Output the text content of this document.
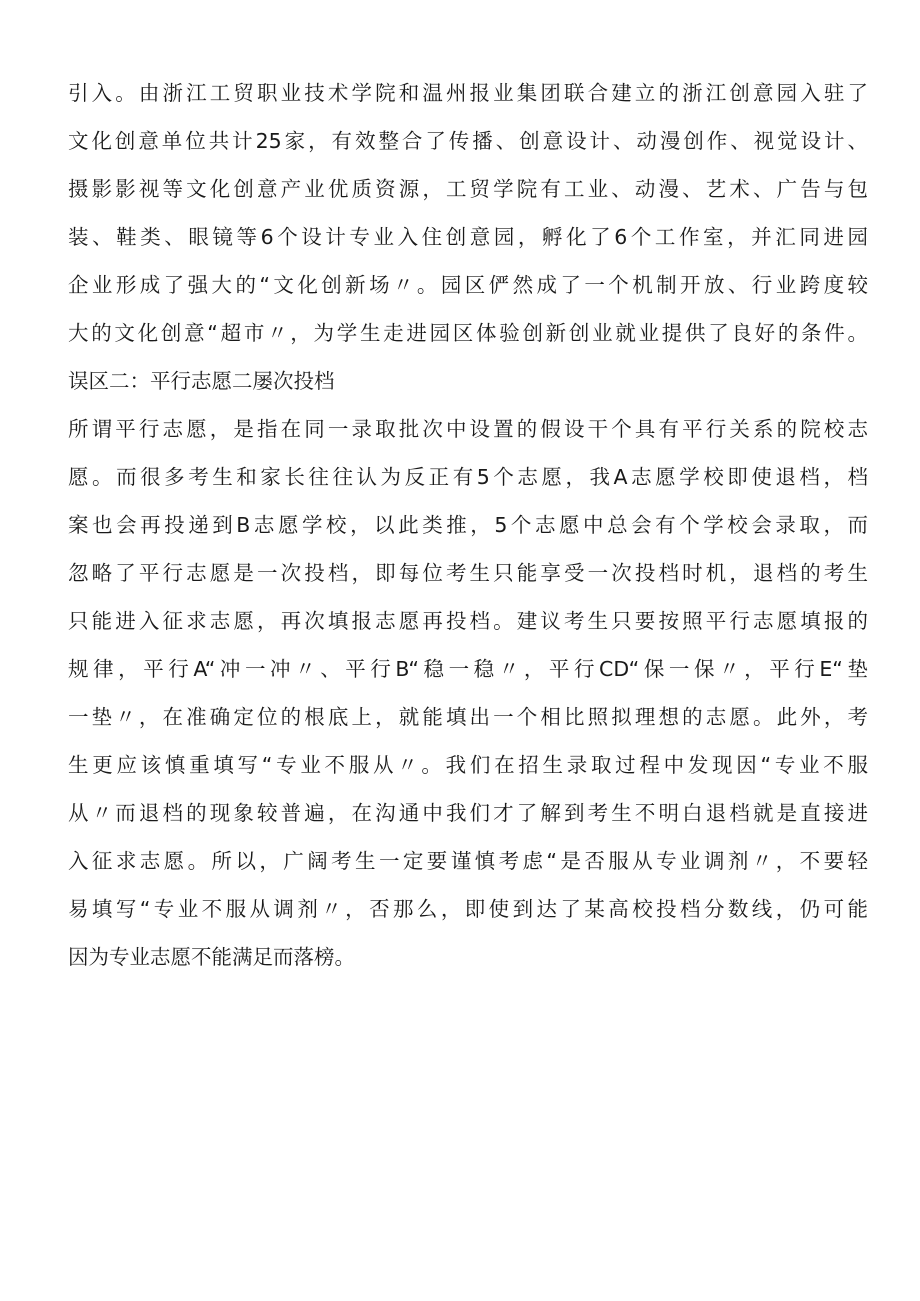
引入。由浙江工贸职业技术学院和温州报业集团联合建立的浙江创意园入驻了
文化创意单位共计25家，有效整合了传播、创意设计、动漫创作、视觉设计、
摄影影视等文化创意产业优质资源，工贸学院有工业、动漫、艺术、广告与包
装、鞋类、眼镜等6个设计专业入住创意园，孵化了6个工作室，并汇同进园
企业形成了强大的“文化创新场〃。园区俨然成了一个机制开放、行业跨度较
大的文化创意“超市〃，为学生走进园区体验创新创业就业提供了良好的条件。
误区二：平行志愿二屡次投档
所谓平行志愿，是指在同一录取批次中设置的假设干个具有平行关系的院校志
愿。而很多考生和家长往往认为反正有5个志愿，我A志愿学校即使退档，档
案也会再投递到B志愿学校，以此类推，5个志愿中总会有个学校会录取，而
忽略了平行志愿是一次投档，即每位考生只能享受一次投档时机，退档的考生
只能进入征求志愿，再次填报志愿再投档。建议考生只要按照平行志愿填报的
规律，平行A“冲一冲〃、平行B“稳一稳〃，平行CD“保一保〃，平行E“垫
一垫〃，在准确定位的根底上，就能填出一个相比照拟理想的志愿。此外，考
生更应该慎重填写“专业不服从〃。我们在招生录取过程中发现因“专业不服
从〃而退档的现象较普遍，在沟通中我们才了解到考生不明白退档就是直接进
入征求志愿。所以，广阔考生一定要谨慎考虑“是否服从专业调剂〃，不要轻
易填写“专业不服从调剂〃，否那么，即使到达了某高校投档分数线，仍可能
因为专业志愿不能满足而落榜。
